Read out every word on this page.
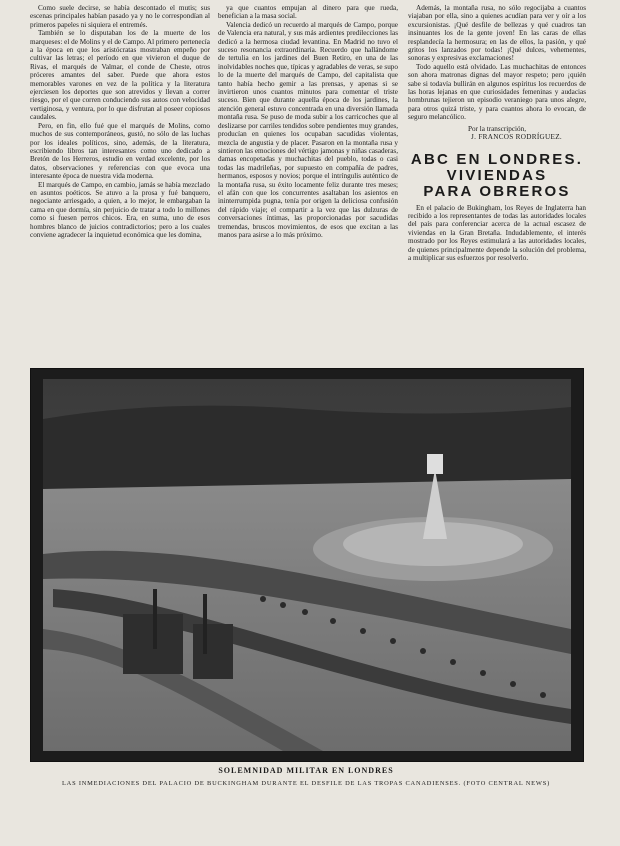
Como suele decirse, se había descontado el mutis; sus escenas principales habían pasado ya y no le correspondían al primeros papeles ni siquiera el entremés.

También se lo disputaban los de la muerte de los marqueses: el de Molins y el de Campo. Al primero pertenecía a la época en que los aristócratas mostraban empeño por cultivar las letras; el período en que vivieron el duque de Rivas, el marqués de Valmar, el conde de Cheste, otros próceres amantes del saber. Puede que ahora estos memorables varones en vez de la política y la literatura ejerciesen los deportes que son atrevidos y llevan a correr riesgo, por el que corren conduciendo sus autos con velocidad vertiginosa, y ventura, por lo que disfrutan al poseer copiosos caudales.

Pero, en fin, ello fué que el marqués de Molins, como muchos de sus contemporáneos, gustó, no sólo de las luchas por los ideales políticos, sino, además, de la literatura, escribiendo libros tan interesantes como uno dedicado a Bretón de los Herreros, estudio en verdad excelente, por los datos, observaciones y referencias con que evoca una interesante época de nuestra vida moderna.

El marqués de Campo, en cambio, jamás se había mezclado en asuntos poéticos. Se atuvo a la prosa y fué banquero, negociante arriesgado, a quien, a lo mejor, le embargaban la cama en que dormía, sin perjuicio de tratar a todo lo millones como si fuesen perros chicos. Era, en suma, uno de esos hombres blanco de juicios contradictorios; pero a los cuales conviene agradecer la inquietud económica que les domina,

ya que cuantos empujan al dinero para que rueda, benefician a la masa social.

Valencia dedicó un recuerdo al marqués de Campo, porque de Valencia era natural, y sus más ardientes predilecciones las dedicó a la hermosa ciudad levantina. En Madrid no tuvo el suceso resonancia extraordinaria. Recuerdo que hallándome de tertulia en los jardines del Buen Retiro, en una de las inolvidables noches que, típicas y agradables de veras, se supo lo de la muerte del marqués de Campo, del capitalista que tanto había hecho gemir a las prensas, y apenas si se invirtieron unos cuantos minutos para comentar el triste suceso. Bien que durante aquella época de los jardines, la atención general estuvo concentrada en una diversión llamada montaña rusa. Se puso de moda subir a los carricoches que al deslizarse por carriles tendidos sobre pendientes muy grandes, producían en quienes los ocupaban sacudidas violentas, mezcla de angustia y de placer. Pasaron en la montaña rusa y sintieron las emociones del vértigo jamonas y niñas casaderas, damas encopetadas y muchachitas del pueblo, todas o casi todas las madrileñas, por supuesto en compañía de padres, hermanos, esposos y novios; porque el intríngulis auténtico de la montaña rusa, su éxito locamente feliz durante tres meses; el afán con que los concurrentes asaltaban los asientos en ininterrumpida pugna, tenía por origen la deliciosa confusión del rápido viaje; el compartir a la vez que las dulzuras de conversaciones íntimas, las proporcionadas por sacudidas tremendas, bruscos movimientos, de esos que excitan a las manos para asirse a lo más próximo.

Además, la montaña rusa, no sólo regocijaba a cuantos viajaban por ella, sino a quienes acudían para ver y oír a los excursionistas. ¡Qué desfile de bellezas y qué cuadros tan insinuantes los de la gente joven! En las caras de ellas resplandecía la hermosura; en las de ellos, la pasión, y qué gritos los lanzados por todas! ¡Qué dulces, vehementes, sonoras y expresivas exclamaciones!

Todo aquello está olvidado. Las muchachitas de entonces son ahora matronas dignas del mayor respeto; pero ¡quién sabe si todavía bullirán en algunos espíritus los recuerdos de las horas lejanas en que curiosidades femeninas y audacias hombrunas tejieron un episodio veraniego para unos alegre, para otros quizá triste, y para cuantos ahora lo evocan, de seguro melancólico.

Por la transcripción,

J. FRANCOS RODRÍGUEZ.

ABC EN LONDRES.
VIVIENDAS
PARA OBREROS

En el palacio de Bukingham, los Reyes de Inglaterra han recibido a los representantes de todas las autoridades locales del país para conferenciar acerca de la actual escasez de viviendas en la Gran Bretaña. Indudablemente, el interés mostrado por los Reyes estimulará a las autoridades locales, de quienes principalmente depende la solución del problema, a multiplicar sus esfuerzos por resolverlo.

SOLEMNIDAD MILITAR EN LONDRES
LAS INMEDIACIONES DEL PALACIO DE BUCKINGHAM DURANTE EL DESFILE DE LAS TROPAS CANADIENSES. (FOTO CENTRAL NEWS)
